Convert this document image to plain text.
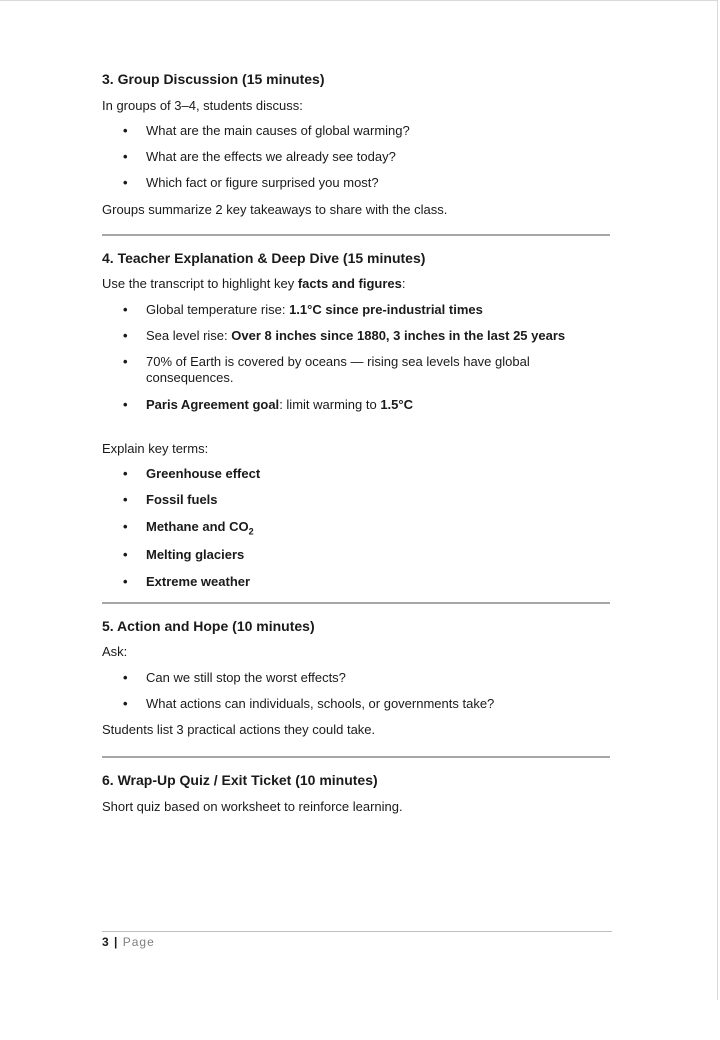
3. Group Discussion (15 minutes)

In groups of 3–4, students discuss:

• What are the main causes of global warming?
• What are the effects we already see today?
• Which fact or figure surprised you most?

Groups summarize 2 key takeaways to share with the class.

4. Teacher Explanation & Deep Dive (15 minutes)

Use the transcript to highlight key facts and figures:

• Global temperature rise: 1.1°C since pre-industrial times
• Sea level rise: Over 8 inches since 1880, 3 inches in the last 25 years
• 70% of Earth is covered by oceans — rising sea levels have global consequences.
• Paris Agreement goal: limit warming to 1.5°C

Explain key terms:

• Greenhouse effect
• Fossil fuels
• Methane and $CO_2$
• Melting glaciers
• Extreme weather
5. Action and Hope (10 minutes)

Ask:

• Can we still stop the worst effects?
• What actions can individuals, schools, or governments take?

Students list 3 practical actions they could take.

6. Wrap-Up Quiz / Exit Ticket (10 minutes)

Short quiz based on worksheet to reinforce learning.

3 | Page
